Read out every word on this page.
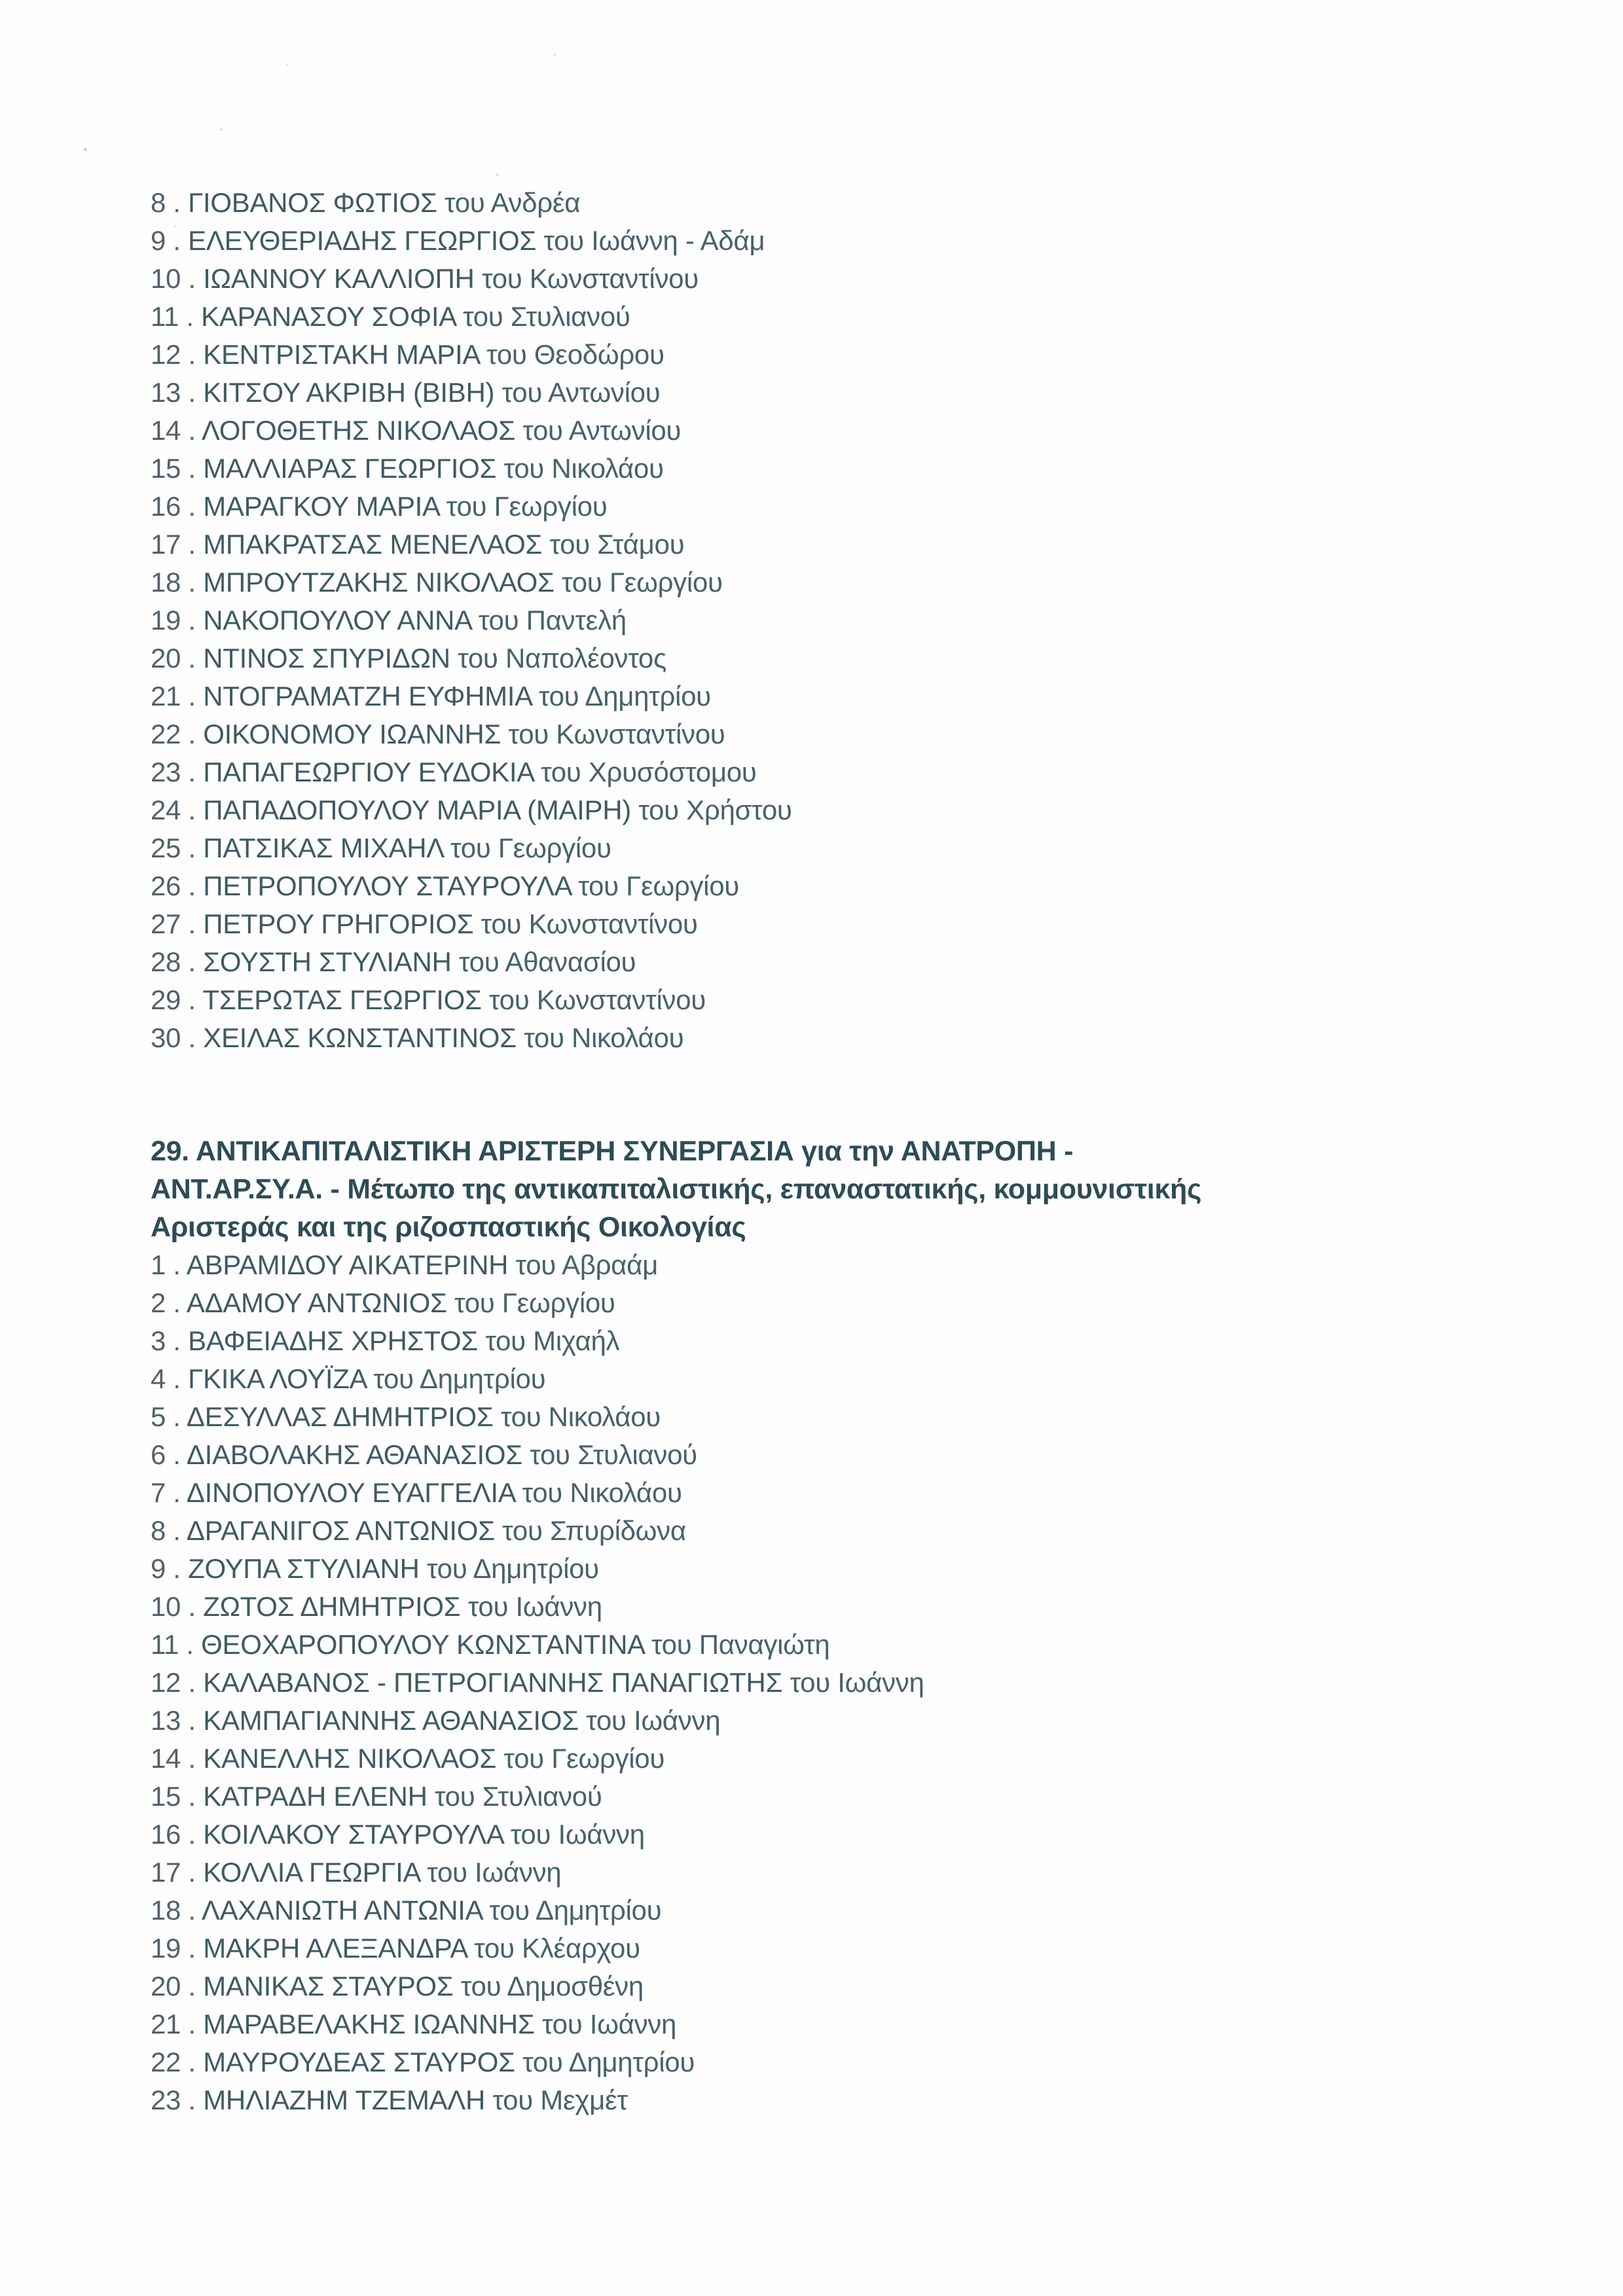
8 . ΓΙΟΒΑΝΟΣ ΦΩΤΙΟΣ του Ανδρέα
9 . ΕΛΕΥΘΕΡΙΑΔΗΣ ΓΕΩΡΓΙΟΣ του Ιωάννη - Αδάμ
10 . ΙΩΑΝΝΟΥ ΚΑΛΛΙΟΠΗ του Κωνσταντίνου
11 . ΚΑΡΑΝΑΣΟΥ ΣΟΦΙΑ του Στυλιανού
12 . ΚΕΝΤΡΙΣΤΑΚΗ ΜΑΡΙΑ του Θεοδώρου
13 . ΚΙΤΣΟΥ ΑΚΡΙΒΗ (ΒΙΒΗ) του Αντωνίου
14 . ΛΟΓΟΘΕΤΗΣ ΝΙΚΟΛΑΟΣ του Αντωνίου
15 . ΜΑΛΛΙΑΡΑΣ ΓΕΩΡΓΙΟΣ του Νικολάου
16 . ΜΑΡΑΓΚΟΥ ΜΑΡΙΑ του Γεωργίου
17 . ΜΠΑΚΡΑΤΣΑΣ ΜΕΝΕΛΑΟΣ του Στάμου
18 . ΜΠΡΟΥΤΖΑΚΗΣ ΝΙΚΟΛΑΟΣ του Γεωργίου
19 . ΝΑΚΟΠΟΥΛΟΥ ΑΝΝΑ του Παντελή
20 . ΝΤΙΝΟΣ ΣΠΥΡΙΔΩΝ του Ναπολέοντος
21 . ΝΤΟΓΡΑΜΑΤΖΗ ΕΥΦΗΜΙΑ του Δημητρίου
22 . ΟΙΚΟΝΟΜΟΥ ΙΩΑΝΝΗΣ του Κωνσταντίνου
23 . ΠΑΠΑΓΕΩΡΓΙΟΥ ΕΥΔΟΚΙΑ του Χρυσόστομου
24 . ΠΑΠΑΔΟΠΟΥΛΟΥ ΜΑΡΙΑ (ΜΑΙΡΗ) του Χρήστου
25 . ΠΑΤΣΙΚΑΣ ΜΙΧΑΗΛ του Γεωργίου
26 . ΠΕΤΡΟΠΟΥΛΟΥ ΣΤΑΥΡΟΥΛΑ του Γεωργίου
27 . ΠΕΤΡΟΥ ΓΡΗΓΟΡΙΟΣ του Κωνσταντίνου
28 . ΣΟΥΣΤΗ ΣΤΥΛΙΑΝΗ του Αθανασίου
29 . ΤΣΕΡΩΤΑΣ ΓΕΩΡΓΙΟΣ του Κωνσταντίνου
30 . ΧΕΙΛΑΣ ΚΩΝΣΤΑΝΤΙΝΟΣ του Νικολάου
29. ΑΝΤΙΚΑΠΙΤΑΛΙΣΤΙΚΗ ΑΡΙΣΤΕΡΗ ΣΥΝΕΡΓΑΣΙΑ για την ΑΝΑΤΡΟΠΗ -
ΑΝΤ.ΑΡ.ΣΥ.Α. - Μέτωπο της αντικαπιταλιστικής, επαναστατικής, κομμουνιστικής
Αριστεράς και της ριζοσπαστικής Οικολογίας
1 . ΑΒΡΑΜΙΔΟΥ ΑΙΚΑΤΕΡΙΝΗ του Αβραάμ
2 . ΑΔΑΜΟΥ ΑΝΤΩΝΙΟΣ του Γεωργίου
3 . ΒΑΦΕΙΑΔΗΣ ΧΡΗΣΤΟΣ του Μιχαήλ
4 . ΓΚΙΚΑ ΛΟΥΪΖΑ του Δημητρίου
5 . ΔΕΣΥΛΛΑΣ ΔΗΜΗΤΡΙΟΣ του Νικολάου
6 . ΔΙΑΒΟΛΑΚΗΣ ΑΘΑΝΑΣΙΟΣ του Στυλιανού
7 . ΔΙΝΟΠΟΥΛΟΥ ΕΥΑΓΓΕΛΙΑ του Νικολάου
8 . ΔΡΑΓΑΝΙΓΟΣ ΑΝΤΩΝΙΟΣ του Σπυρίδωνα
9 . ΖΟΥΠΑ ΣΤΥΛΙΑΝΗ του Δημητρίου
10 . ΖΩΤΟΣ ΔΗΜΗΤΡΙΟΣ του Ιωάννη
11 . ΘΕΟΧΑΡΟΠΟΥΛΟΥ ΚΩΝΣΤΑΝΤΙΝΑ του Παναγιώτη
12 . ΚΑΛΑΒΑΝΟΣ - ΠΕΤΡΟΓΙΑΝΝΗΣ ΠΑΝΑΓΙΩΤΗΣ του Ιωάννη
13 . ΚΑΜΠΑΓΙΑΝΝΗΣ ΑΘΑΝΑΣΙΟΣ του Ιωάννη
14 . ΚΑΝΕΛΛΗΣ ΝΙΚΟΛΑΟΣ του Γεωργίου
15 . ΚΑΤΡΑΔΗ ΕΛΕΝΗ του Στυλιανού
16 . ΚΟΙΛΑΚΟΥ ΣΤΑΥΡΟΥΛΑ του Ιωάννη
17 . ΚΟΛΛΙΑ ΓΕΩΡΓΙΑ του Ιωάννη
18 . ΛΑΧΑΝΙΩΤΗ ΑΝΤΩΝΙΑ του Δημητρίου
19 . ΜΑΚΡΗ ΑΛΕΞΑΝΔΡΑ του Κλέαρχου
20 . ΜΑΝΙΚΑΣ ΣΤΑΥΡΟΣ του Δημοσθένη
21 . ΜΑΡΑΒΕΛΑΚΗΣ ΙΩΑΝΝΗΣ του Ιωάννη
22 . ΜΑΥΡΟΥΔΕΑΣ ΣΤΑΥΡΟΣ του Δημητρίου
23 . ΜΗΛΙΑΖΗΜ ΤΖΕΜΑΛΗ του Μεχμέτ
